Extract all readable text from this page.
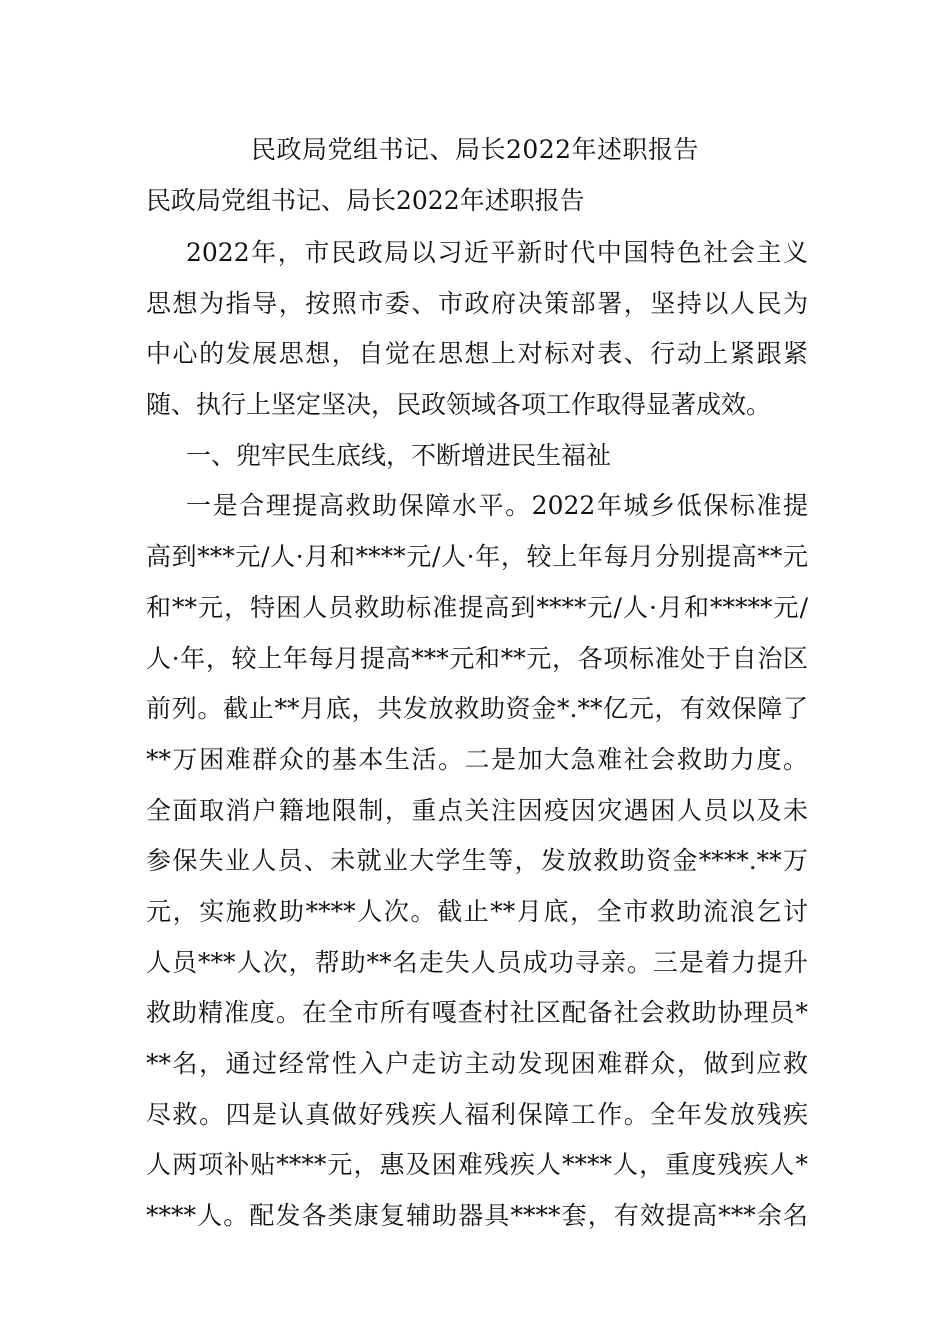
民政局党组书记、局长2022年述职报告

民政局党组书记、局长2022年述职报告

2022年，市民政局以习近平新时代中国特色社会主义
思想为指导，按照市委、市政府决策部署，坚持以人民为
中心的发展思想，自觉在思想上对标对表、行动上紧跟紧
随、执行上坚定坚决，民政领域各项工作取得显著成效。
一、兜牢民生底线，不断增进民生福祉
一是合理提高救助保障水平。2022年城乡低保标准提
高到***元/人·月和****元/人·年，较上年每月分别提高**元
和**元，特困人员救助标准提高到****元/人·月和*****元/
人·年，较上年每月提高***元和**元，各项标准处于自治区
前列。截止**月底，共发放救助资金*.**亿元，有效保障了
**万困难群众的基本生活。二是加大急难社会救助力度。
全面取消户籍地限制，重点关注因疫因灾遇困人员以及未
参保失业人员、未就业大学生等，发放救助资金****.**万
元，实施救助****人次。截止**月底，全市救助流浪乞讨
人员***人次，帮助**名走失人员成功寻亲。三是着力提升
救助精准度。在全市所有嘎查村社区配备社会救助协理员*
**名，通过经常性入户走访主动发现困难群众，做到应救
尽救。四是认真做好残疾人福利保障工作。全年发放残疾
人两项补贴****元，惠及困难残疾人****人，重度残疾人*
****人。配发各类康复辅助器具****套，有效提高***余名
